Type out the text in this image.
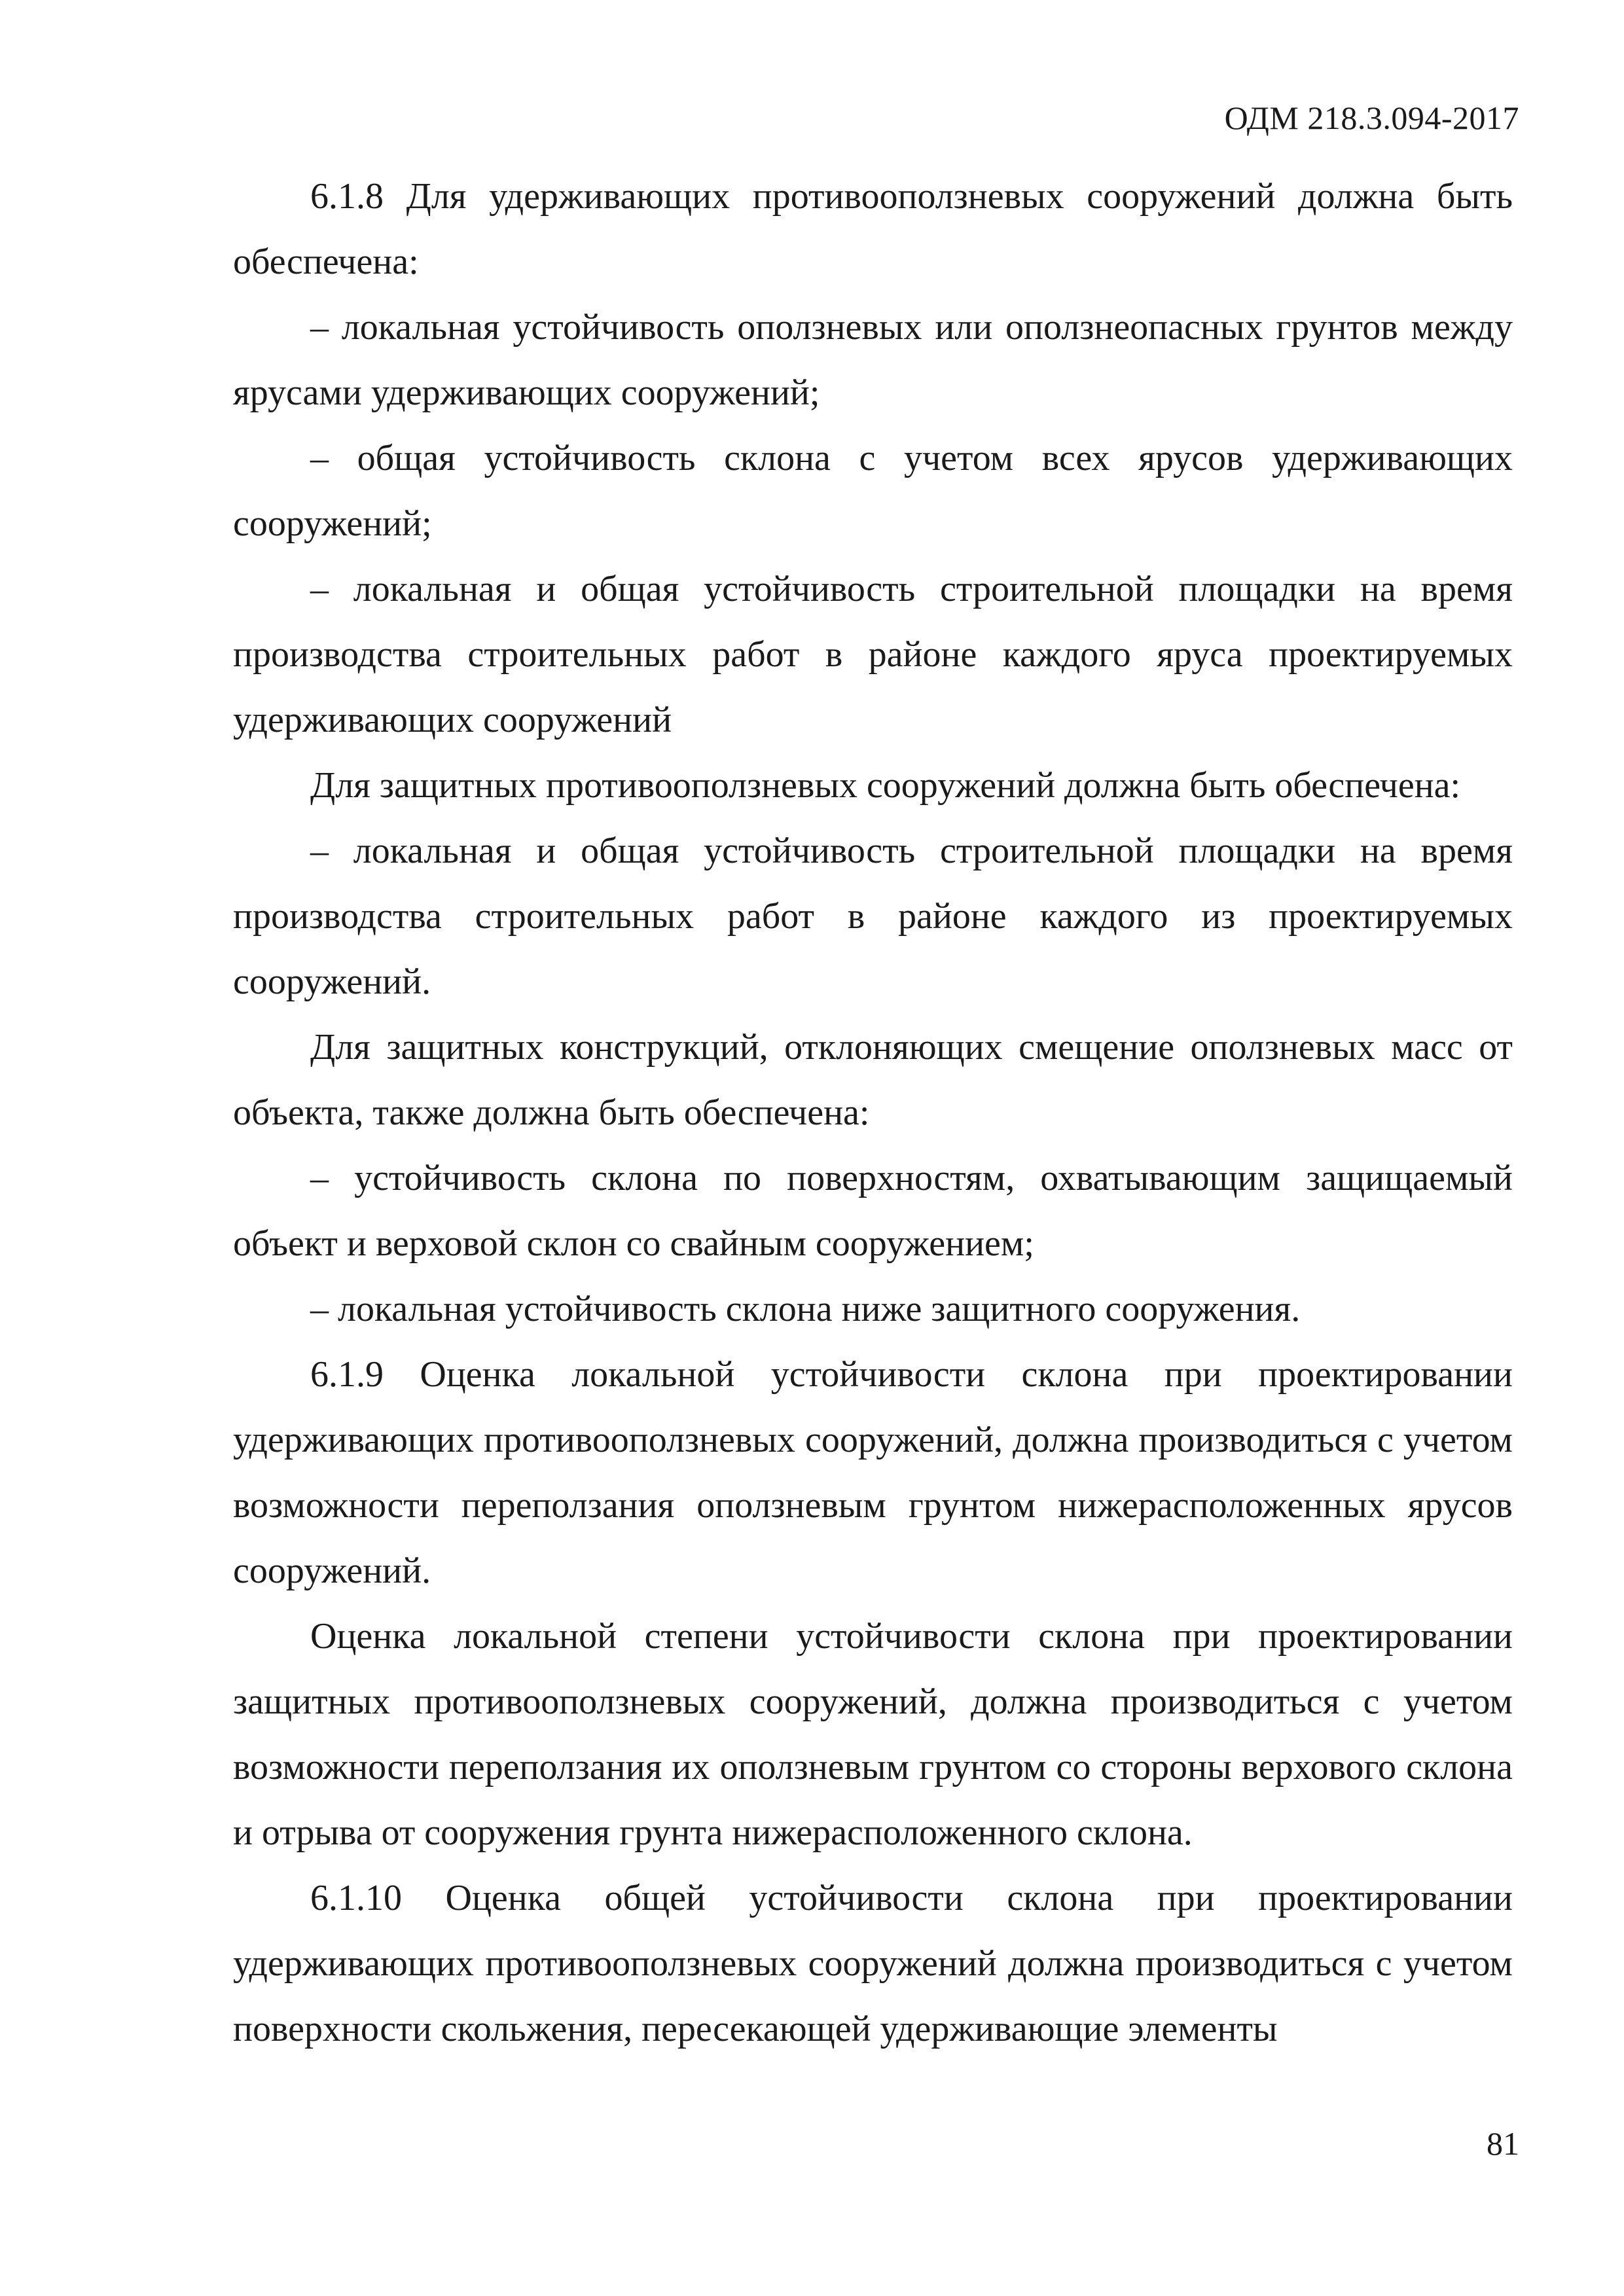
ОДМ 218.3.094-2017

6.1.8 Для удерживающих противооползневых сооружений должна быть обеспечена:

– локальная устойчивость оползневых или оползнеопасных грунтов между ярусами удерживающих сооружений;

– общая устойчивость склона с учетом всех ярусов удерживающих сооружений;

– локальная и общая устойчивость строительной площадки на время производства строительных работ в районе каждого яруса проектируемых удерживающих сооружений

Для защитных противооползневых сооружений должна быть обеспечена:

– локальная и общая устойчивость строительной площадки на время производства строительных работ в районе каждого из проектируемых сооружений.

Для защитных конструкций, отклоняющих смещение оползневых масс от объекта, также должна быть обеспечена:

– устойчивость склона по поверхностям, охватывающим защищаемый объект и верховой склон со свайным сооружением;

– локальная устойчивость склона ниже защитного сооружения.

6.1.9 Оценка локальной устойчивости склона при проектировании удерживающих противооползневых сооружений, должна производиться с учетом возможности переползания оползневым грунтом нижерасположенных ярусов сооружений.

Оценка локальной степени устойчивости склона при проектировании защитных противооползневых сооружений, должна производиться с учетом возможности переползания их оползневым грунтом со стороны верхового склона и отрыва от сооружения грунта нижерасположенного склона.

6.1.10 Оценка общей устойчивости склона при проектировании удерживающих противооползневых сооружений должна производиться с учетом поверхности скольжения, пересекающей удерживающие элементы

81
